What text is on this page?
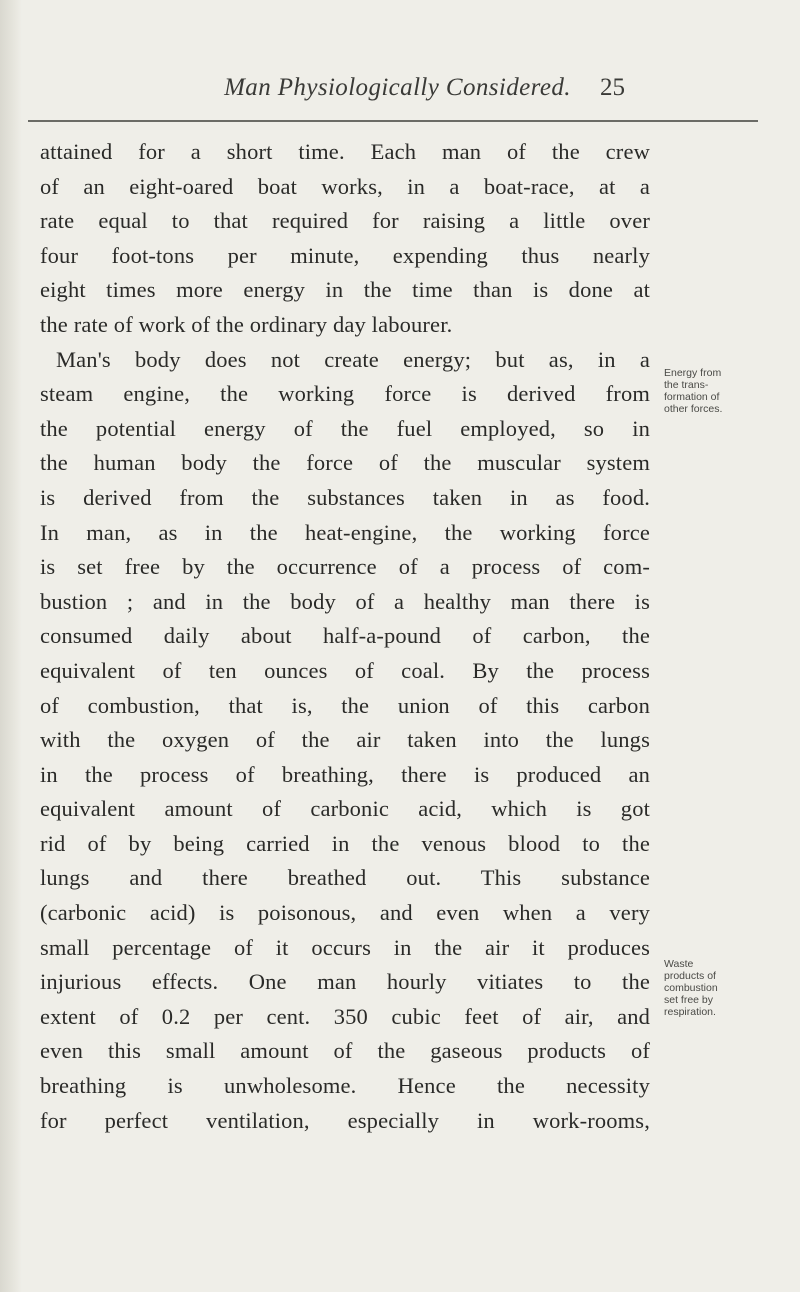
Man Physiologically Considered.	25
attained for a short time. Each man of the crew
of an eight-oared boat works, in a boat-race, at a
rate equal to that required for raising a little over
four foot-tons per minute, expending thus nearly
eight times more energy in the time than is done at
the rate of work of the ordinary day labourer.
Man's body does not create energy; but as, in a
steam engine, the working force is derived from
the potential energy of the fuel employed, so in
the human body the force of the muscular system
is derived from the substances taken in as food.
In man, as in the heat-engine, the working force
is set free by the occurrence of a process of com-
bustion ; and in the body of a healthy man there is
consumed daily about half-a-pound of carbon, the
equivalent of ten ounces of coal. By the process
of combustion, that is, the union of this carbon
with the oxygen of the air taken into the lungs
in the process of breathing, there is produced an
equivalent amount of carbonic acid, which is got
rid of by being carried in the venous blood to the
lungs and there breathed out. This substance
(carbonic acid) is poisonous, and even when a very
small percentage of it occurs in the air it produces
injurious effects. One man hourly vitiates to the
extent of 0.2 per cent. 350 cubic feet of air, and
even this small amount of the gaseous products of
breathing is unwholesome. Hence the necessity
for perfect ventilation, especially in work-rooms,
Energy from
the trans-
formation of
other forces.
Waste
products of
combustion
set free by
respiration.
